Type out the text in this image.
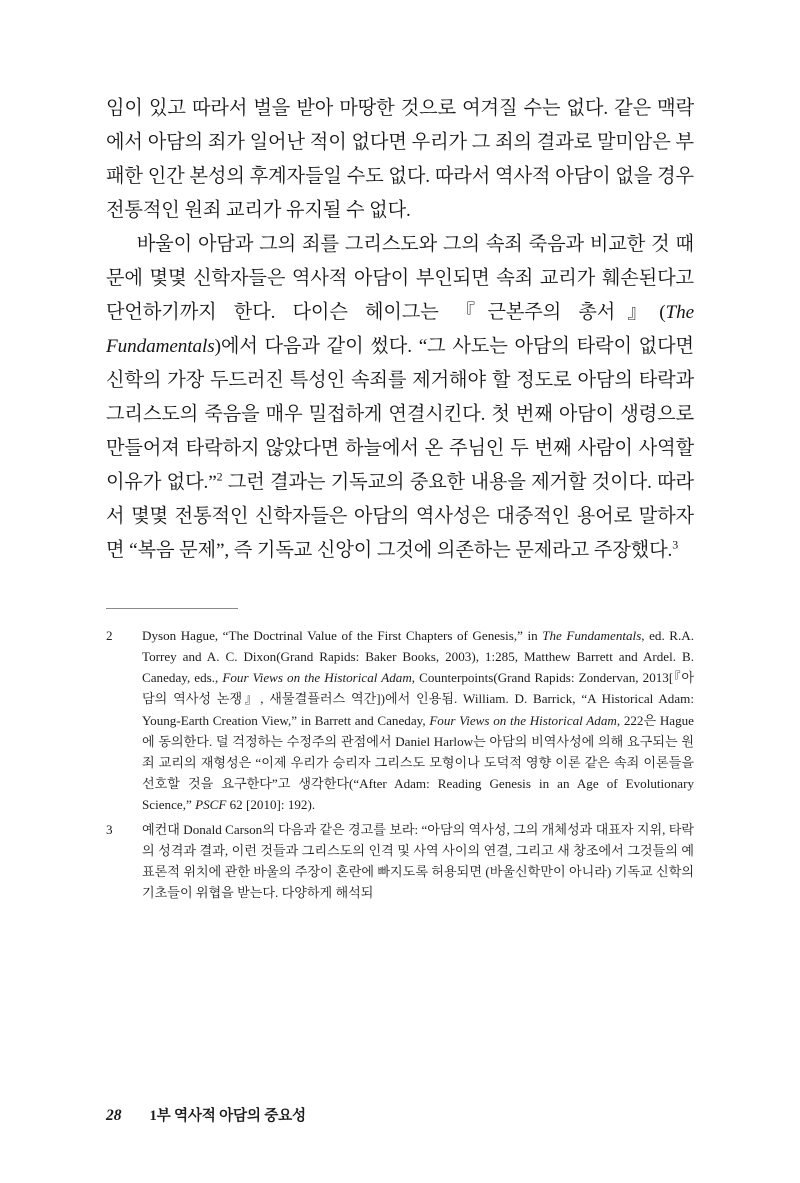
임이 있고 따라서 벌을 받아 마땅한 것으로 여겨질 수는 없다. 같은 맥락에서 아담의 죄가 일어난 적이 없다면 우리가 그 죄의 결과로 말미암은 부패한 인간 본성의 후계자들일 수도 없다. 따라서 역사적 아담이 없을 경우 전통적인 원죄 교리가 유지될 수 없다.

바울이 아담과 그의 죄를 그리스도와 그의 속죄 죽음과 비교한 것 때문에 몇몇 신학자들은 역사적 아담이 부인되면 속죄 교리가 훼손된다고 단언하기까지 한다. 다이슨 헤이그는 『근본주의 총서』(The Fundamentals)에서 다음과 같이 썼다. “그 사도는 아담의 타락이 없다면 신학의 가장 두드러진 특성인 속죄를 제거해야 할 정도로 아담의 타락과 그리스도의 죽음을 매우 밀접하게 연결시킨다. 첫 번째 아담이 생령으로 만들어져 타락하지 않았다면 하늘에서 온 주님인 두 번째 사람이 사역할 이유가 없다.”$^2$ 그런 결과는 기독교의 중요한 내용을 제거할 것이다. 따라서 몇몇 전통적인 신학자들은 아담의 역사성은 대중적인 용어로 말하자면 “복음 문제”, 즉 기독교 신앙이 그것에 의존하는 문제라고 주장했다.$^3$

2	Dyson Hague, “The Doctrinal Value of the First Chapters of Genesis,” in The Fundamentals, ed. R.A. Torrey and A. C. Dixon(Grand Rapids: Baker Books, 2003), 1:285, Matthew Barrett and Ardel. B. Caneday, eds., Four Views on the Historical Adam, Counterpoints(Grand Rapids: Zondervan, 2013[『아담의 역사성 논쟁』, 새물결플러스 역간])에서 인용됨. William. D. Barrick, “A Historical Adam: Young-Earth Creation View,” in Barrett and Caneday, Four Views on the Historical Adam, 222은 Hague에 동의한다. 덜 걱정하는 수정주의 관점에서 Daniel Harlow는 아담의 비역사성에 의해 요구되는 원죄 교리의 재형성은 “이제 우리가 승리자 그리스도 모형이나 도덕적 영향 이론 같은 속죄 이론들을 선호할 것을 요구한다”고 생각한다(“After Adam: Reading Genesis in an Age of Evolutionary Science,” PSCF 62 [2010]: 192).
3	예컨대 Donald Carson의 다음과 같은 경고를 보라: “아담의 역사성, 그의 개체성과 대표자 지위, 타락의 성격과 결과, 이런 것들과 그리스도의 인격 및 사역 사이의 연결, 그리고 새 창조에서 그것들의 예표론적 위치에 관한 바울의 주장이 혼란에 빠지도록 허용되면 (바울신학만이 아니라) 기독교 신학의 기초들이 위협을 받는다. 다양하게 해석되
28 1부 역사적 아담의 중요성
